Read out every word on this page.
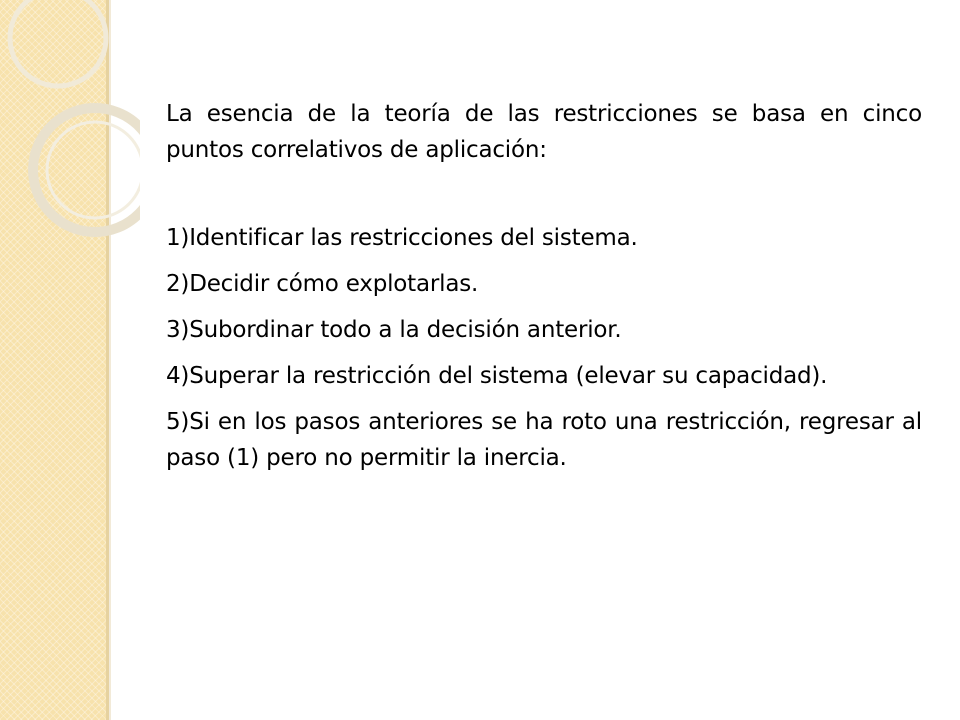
La esencia de la teoría de las restricciones se basa en cinco puntos correlativos de aplicación:

1)Identificar las restricciones del sistema.

2)Decidir cómo explotarlas.

3)Subordinar todo a la decisión anterior.

4)Superar la restricción del sistema (elevar su capacidad).

5)Si en los pasos anteriores se ha roto una restricción, regresar al paso (1) pero no permitir la inercia.
